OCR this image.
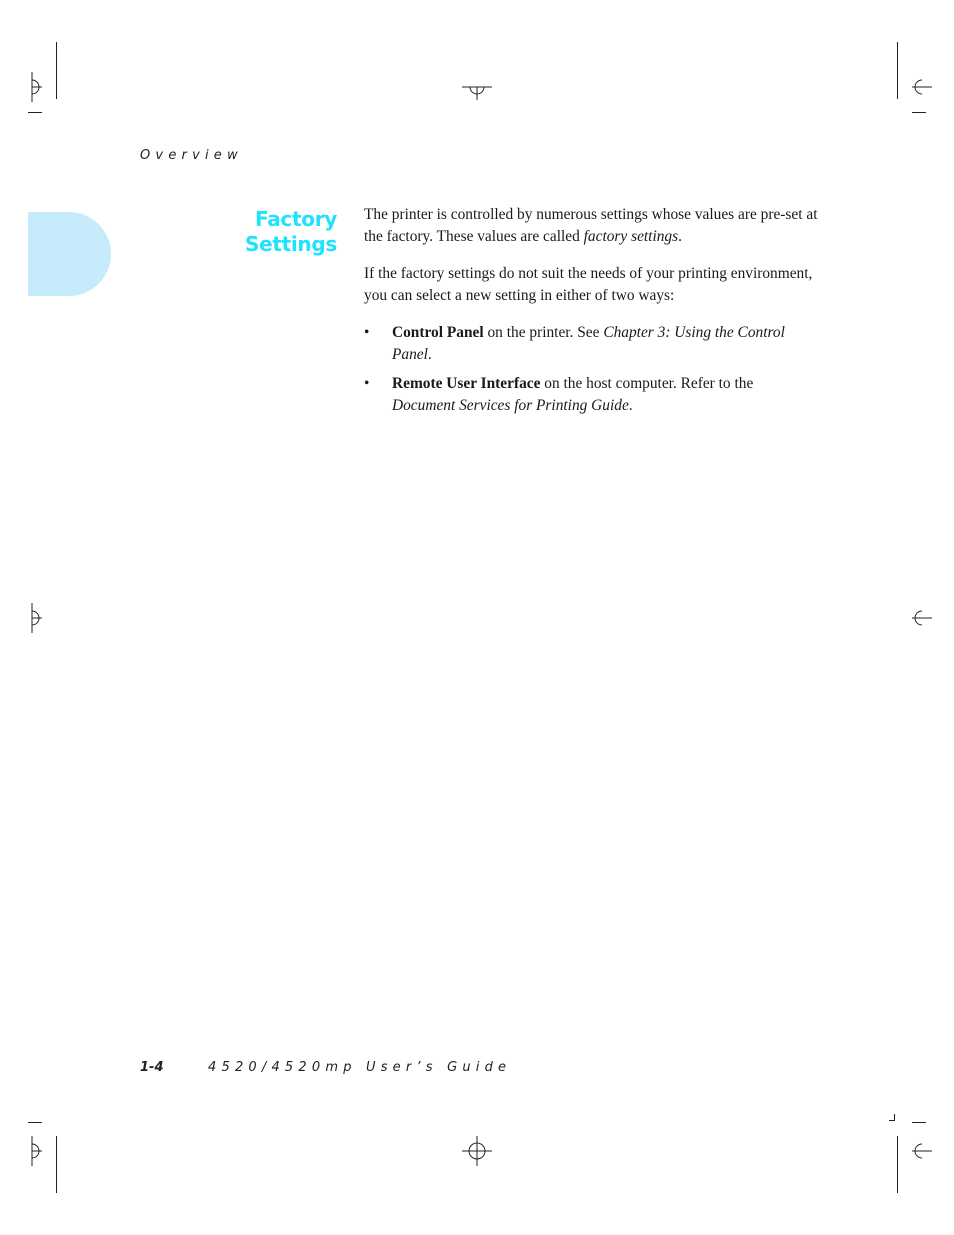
Overview
Factory
Settings

The printer is controlled by numerous settings whose values are pre-set at the factory. These values are called factory settings.

If the factory settings do not suit the needs of your printing environment, you can select a new setting in either of two ways:

• Control Panel on the printer. See Chapter 3: Using the Control Panel.
• Remote User Interface on the host computer. Refer to the Document Services for Printing Guide.
1-4	4520/4520mp User’s Guide
